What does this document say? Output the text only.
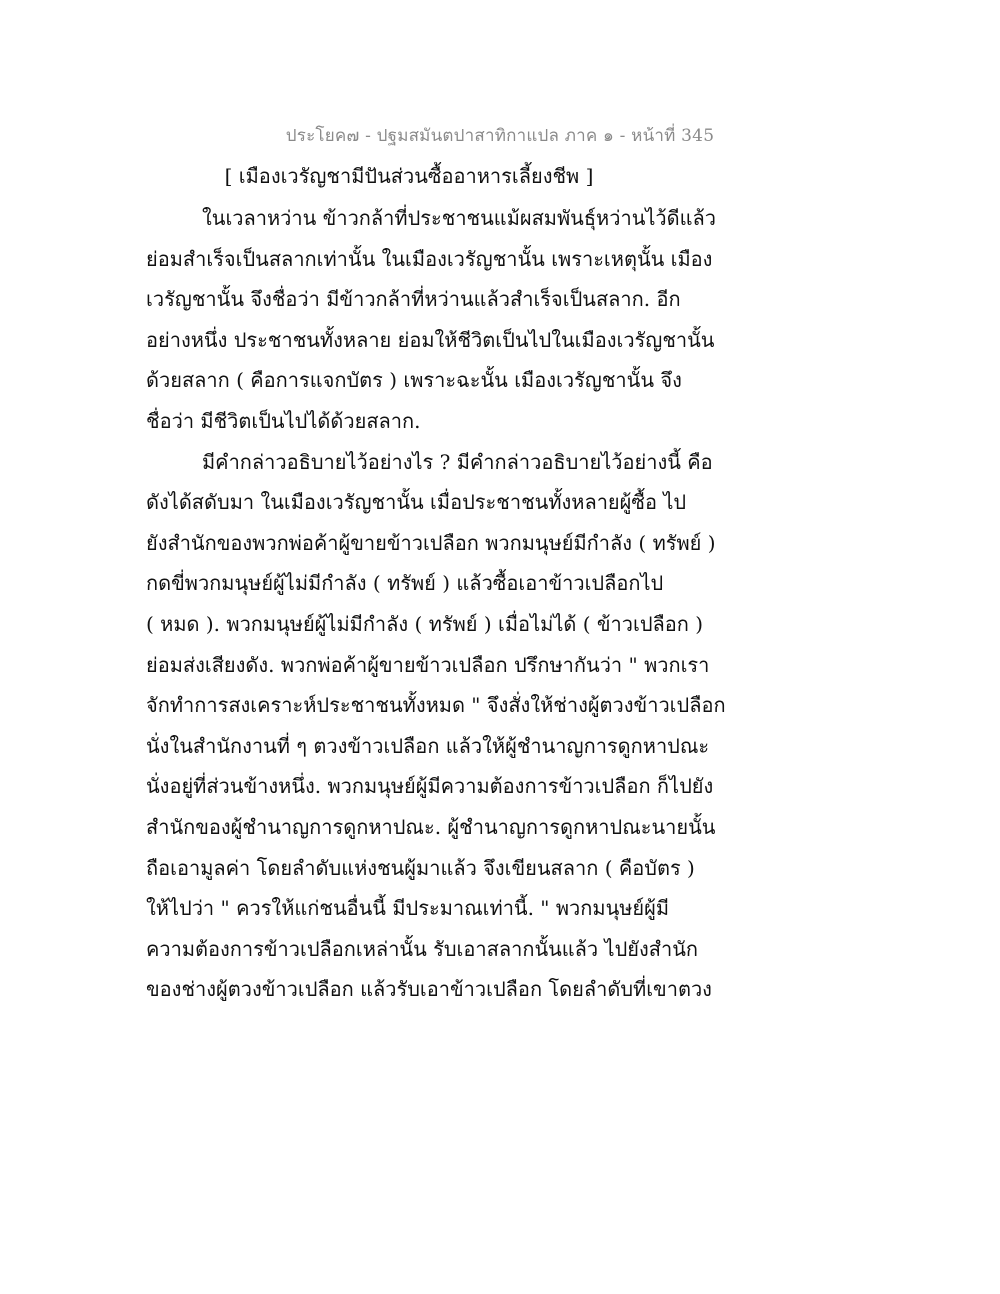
ประโยค๗ - ปฐมสมันตปาสาทิกาแปล ภาค ๑ - หน้าที่ 345
[ เมืองเวรัญชามีปันส่วนซื้ออาหารเลี้ยงชีพ ]
ในเวลาหว่าน ข้าวกล้าที่ประชาชนแม้ผสมพันธุ์หว่านไว้ดีแล้ว
ย่อมสำเร็จเป็นสลากเท่านั้น ในเมืองเวรัญชานั้น เพราะเหตุนั้น เมือง
เวรัญชานั้น จึงชื่อว่า มีข้าวกล้าที่หว่านแล้วสำเร็จเป็นสลาก. อีก
อย่างหนึ่ง ประชาชนทั้งหลาย ย่อมให้ชีวิตเป็นไปในเมืองเวรัญชานั้น
ด้วยสลาก ( คือการแจกบัตร ) เพราะฉะนั้น เมืองเวรัญชานั้น จึง
ชื่อว่า มีชีวิตเป็นไปได้ด้วยสลาก.
มีคำกล่าวอธิบายไว้อย่างไร ? มีคำกล่าวอธิบายไว้อย่างนี้ คือ
ดังได้สดับมา ในเมืองเวรัญชานั้น เมื่อประชาชนทั้งหลายผู้ซื้อ ไป
ยังสำนักของพวกพ่อค้าผู้ขายข้าวเปลือก พวกมนุษย์มีกำลัง ( ทรัพย์ )
กดขี่พวกมนุษย์ผู้ไม่มีกำลัง ( ทรัพย์ ) แล้วซื้อเอาข้าวเปลือกไป
( หมด ). พวกมนุษย์ผู้ไม่มีกำลัง ( ทรัพย์ ) เมื่อไม่ได้ ( ข้าวเปลือก )
ย่อมส่งเสียงดัง. พวกพ่อค้าผู้ขายข้าวเปลือก ปรึกษากันว่า " พวกเรา
จักทำการสงเคราะห์ประชาชนทั้งหมด " จึงสั่งให้ช่างผู้ตวงข้าวเปลือก
นั่งในสำนักงานที่ ๆ ตวงข้าวเปลือก แล้วให้ผู้ชำนาญการดูกหาปณะ
นั่งอยู่ที่ส่วนข้างหนึ่ง. พวกมนุษย์ผู้มีความต้องการข้าวเปลือก ก็ไปยัง
สำนักของผู้ชำนาญการดูกหาปณะ. ผู้ชำนาญการดูกหาปณะนายนั้น
ถือเอามูลค่า โดยลำดับแห่งชนผู้มาแล้ว จึงเขียนสลาก ( คือบัตร )
ให้ไปว่า " ควรให้แก่ชนอื่นนี้ มีประมาณเท่านี้. " พวกมนุษย์ผู้มี
ความต้องการข้าวเปลือกเหล่านั้น รับเอาสลากนั้นแล้ว ไปยังสำนัก
ของช่างผู้ตวงข้าวเปลือก แล้วรับเอาข้าวเปลือก โดยลำดับที่เขาตวง
